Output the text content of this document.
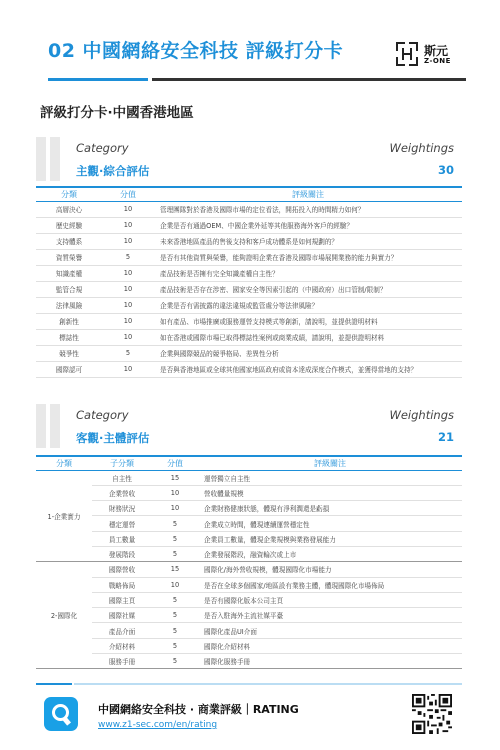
02 中國網絡安全科技 評級打分卡	斯元
Z-ONE
評級打分卡·中國香港地區
Category	Weightings
主觀·綜合評估	30
分類	分值	評級關注
高層決心	10	管理團隊對於香港及國際市場的定位看法，開拓投入的時間精力如何？
歷史經驗	10	企業是否有通過OEM、中國企業外延等其他服務海外客戶的經驗？
支持體系	10	未來香港地區產品的售後支持和客戶成功體系是如何規劃的？
資質榮譽	5	是否有其他資質與榮譽，能夠證明企業在香港及國際市場展開業務的能力與實力？
知識產權	10	產品技術是否擁有完全知識產權自主性？
監管合規	10	產品技術是否存在涉密、國家安全等因素引起的（中國政府）出口管制/限制？
法律風險	10	企業是否有需披露的違法違規或監管處分等法律風險？
創新性	10	如有產品、市場推廣或服務運營支持模式等創新，請說明，並提供證明材料
標誌性	10	如在香港或國際市場已取得標誌性案例或商業成績，請說明，並提供證明材料
競爭性	5	企業與國際競品的競爭格局、差異性分析
國際認可	10	是否與香港地區或全球其他國家地區政府或資本達成深度合作模式，並獲得當地的支持？
Category	Weightings
客觀·主體評估	21
分類	子分類	分值	評級關注
1-企業實力	自主性	15	運營獨立自主性
	企業營收	10	營收體量規模
	財務狀況	10	企業財務健康狀態，體現有淨利潤還是虧損
	穩定運營	5	企業成立時間，體現連續運營穩定性
	員工數量	5	企業員工數量，體現企業規模與業務發展能力
	發展階段	5	企業發展階段，融資輪次或上市
2-國際化	國際營收	15	國際化/海外營收規模，體現國際化市場能力
	戰略佈局	10	是否在全球多個國家/地區設有業務主體，體現國際化市場佈局
	國際主頁	5	是否有國際化版本公司主頁
	國際社媒	5	是否入駐海外主流社媒平臺
	產品介面	5	國際化產品UI介面
	介紹材料	5	國際化介紹材料
	服務手冊	5	國際化服務手冊
中國網絡安全科技 · 商業評級｜RATING
www.z1-sec.com/en/rating
